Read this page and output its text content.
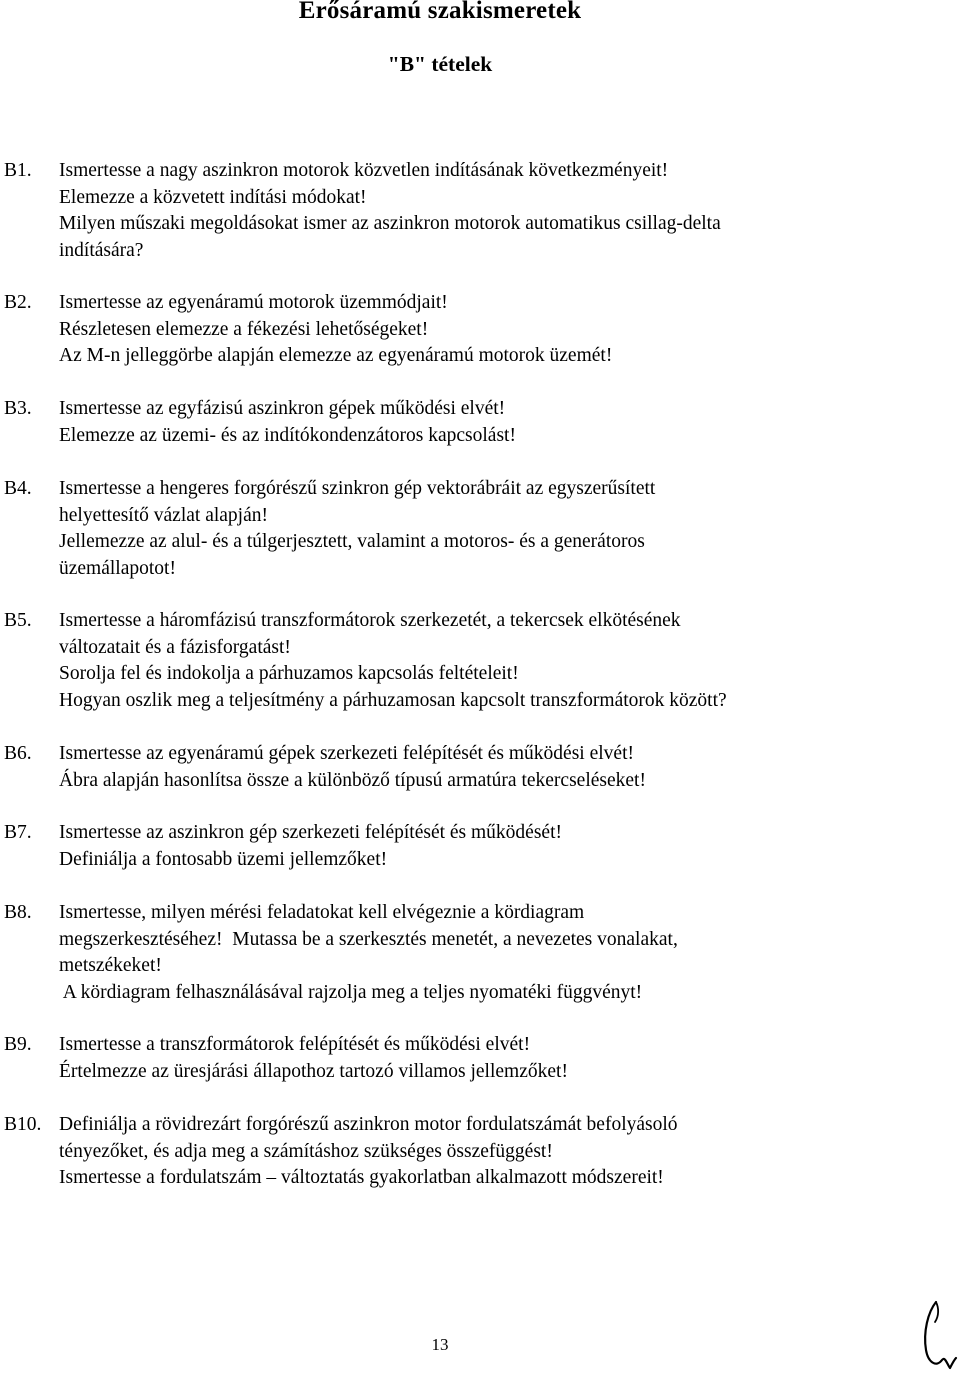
Erősáramú szakismeretek
"B" tételek
B1. Ismertesse a nagy aszinkron motorok közvetlen indításának következményeit!
Elemezze a közvetett indítási módokat!
Milyen műszaki megoldásokat ismer az aszinkron motorok automatikus csillag-delta
indítására?
B2. Ismertesse az egyenáramú motorok üzemmódjait!
Részletesen elemezze a fékezési lehetőségeket!
Az M-n jelleggörbe alapján elemezze az egyenáramú motorok üzemét!
B3. Ismertesse az egyfázisú aszinkron gépek működési elvét!
Elemezze az üzemi- és az indítókondenzátoros kapcsolást!
B4. Ismertesse a hengeres forgórészű szinkron gép vektorábráit az egyszerűsített
helyettesítő vázlat alapján!
Jellemezze az alul- és a túlgerjesztett, valamint a motoros- és a generátoros
üzemállapotot!
B5. Ismertesse a háromfázisú transzformátorok szerkezetét, a tekercsek elkötésének
változatait és a fázisforgatást!
Sorolja fel és indokolja a párhuzamos kapcsolás feltételeit!
Hogyan oszlik meg a teljesítmény a párhuzamosan kapcsolt transzformátorok között?
B6. Ismertesse az egyenáramú gépek szerkezeti felépítését és működési elvét!
Ábra alapján hasonlítsa össze a különböző típusú armatúra tekercseléseket!
B7. Ismertesse az aszinkron gép szerkezeti felépítését és működését!
Definiálja a fontosabb üzemi jellemzőket!
B8. Ismertesse, milyen mérési feladatokat kell elvégeznie a kördiagram
megszerkesztéséhez!  Mutassa be a szerkesztés menetét, a nevezetes vonalakat,
metszékeket!
A kördiagram felhasználásával rajzolja meg a teljes nyomatéki függvényt!
B9. Ismertesse a transzformátorok felépítését és működési elvét!
Értelmezze az üresjárási állapothoz tartozó villamos jellemzőket!
B10. Definiálja a rövidrezárt forgórészű aszinkron motor fordulatszámát befolyásoló
tényezőket, és adja meg a számításhoz szükséges összefüggést!
Ismertesse a fordulatszám – változtatás gyakorlatban alkalmazott módszereit!
13
